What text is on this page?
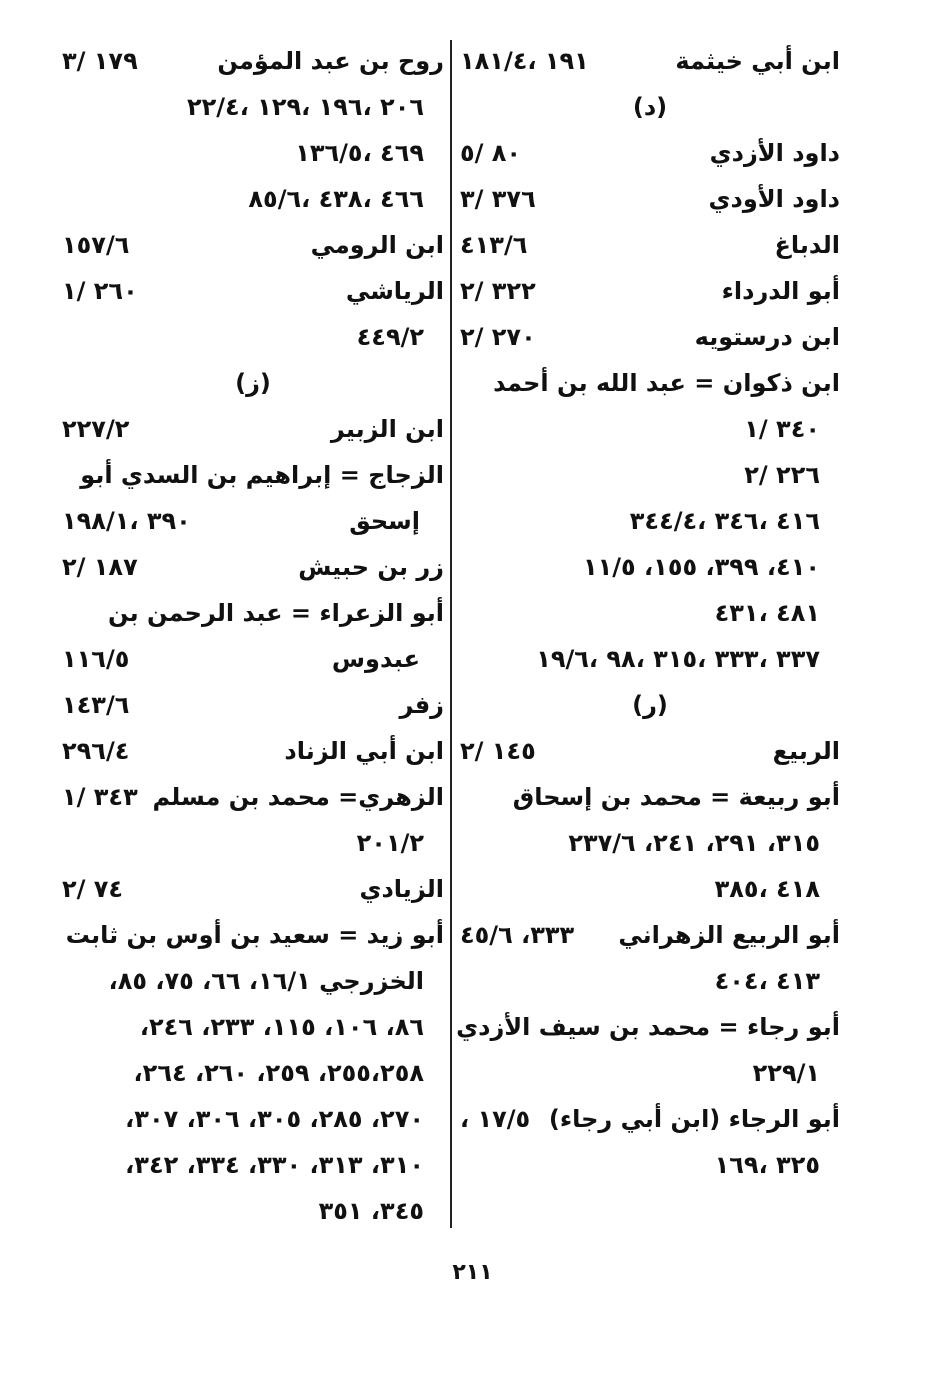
ابن أبي خيثمة
١٩١ ،١٨١/٤
(د)
داود الأزدي
٨٠ /٥
داود الأودي
٣٧٦ /٣
الدباغ
٤١٣/٦
أبو الدرداء
٣٢٢ /٢
ابن درستويه
٢٧٠ /٢
ابن ذكوان = عبد الله بن أحمد
٣٤٠ /١
٢٢٦ /٢
٤١٦ ،٣٤٦ ،٣٤٤/٤
٤١٠، ٣٩٩، ١٥٥، ١١/٥
٤٨١ ،٤٣١
٣٣٧ ،٣٣٣ ،٣١٥ ،٩٨ ،١٩/٦
(ر)
الربيع
١٤٥ /٢
أبو ربيعة = محمد بن إسحاق
٣١٥، ٢٩١، ٢٤١، ٢٣٧/٦
٤١٨ ،٣٨٥
أبو الربيع الزهراني
٣٣٣، ٤٥/٦
٤١٣ ،٤٠٤
أبو رجاء = محمد بن سيف الأزدي
٢٢٩/١
أبو الرجاء (ابن أبي رجاء)
١٧/٥ ،
٣٢٥ ،١٦٩
روح بن عبد المؤمن
١٧٩ /٣
٢٠٦ ،١٩٦ ،١٢٩ ،٢٢/٤
٤٦٩ ،١٣٦/٥
٤٦٦ ،٤٣٨ ،٨٥/٦
ابن الرومي
١٥٧/٦
الرياشي
٢٦٠ /١
٤٤٩/٢
(ز)
ابن الزبير
٢٢٧/٢
الزجاج = إبراهيم بن السدي أبو
إسحق
٣٩٠ ،١٩٨/١
زر بن حبيش
١٨٧ /٢
أبو الزعراء = عبد الرحمن بن
عبدوس
١١٦/٥
زفر
١٤٣/٦
ابن أبي الزناد
٢٩٦/٤
الزهري= محمد بن مسلم
٣٤٣ /١
٢٠١/٢
الزيادي
٧٤ /٢
أبو زيد = سعيد بن أوس بن ثابت
الخزرجي ١٦/١، ٦٦، ٧٥، ٨٥،
٨٦، ١٠٦، ١١٥، ٢٣٣، ٢٤٦،
٢٥٥،٢٥٨، ٢٥٩، ٢٦٠، ٢٦٤،
٢٧٠، ٢٨٥، ٣٠٥، ٣٠٦، ٣٠٧،
٣١٠، ٣١٣، ٣٣٠، ٣٣٤، ٣٤٢،
٣٤٥، ٣٥١
٢١١
